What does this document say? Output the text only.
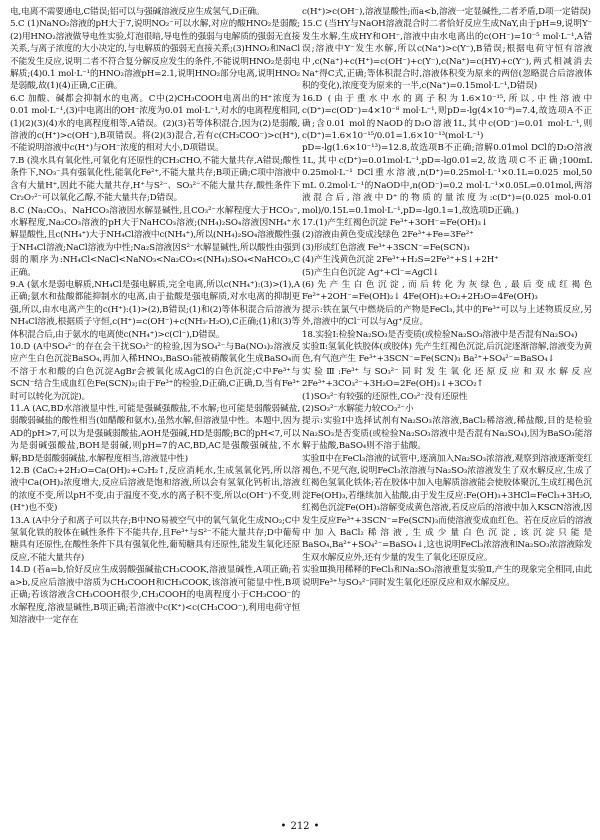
电,电离不需要通电,C错误;铝可以与强碱溶液反应生成氢气,D正确。

5.C (1)NaNO₂溶液的pH大于7,说明NO₂⁻可以水解,对应的酸HNO₂是弱酸;(2)用HNO₂溶液做导电性实验,灯泡很暗,导电性的强弱与电解质的强弱无直接关系,与离子浓度的大小决定的,与电解质的强弱无直接关系;(3)HNO₂和NaCl不能发生反应,说明二者不符合复分解反应发生的条件,不能说明HNO₂是弱电解质;(4)0.1 mol·L⁻¹的HNO₂溶液pH=2.1,说明HNO₂部分电离,说明HNO₂是弱酸,故(1)(4)正确,C正确。

6.C 加酸、碱都会抑制水的电离。C中(2)CH₃COOH电离出的H⁺浓度为0.01 mol·L⁻¹,(3)中电离出的OH⁻浓度为0.01 mol·L⁻¹,对水的电离程度相同,(1)(2)(3)(4)水的电离程度相等,A错误。(2)(3)若等体积混合,因为(2)是弱酸,溶液的c(H⁺)>c(OH⁻),B项错误。将(2)(3)混合,若有c(CH₃COO⁻)>c(H⁺),不能说明溶液中c(H⁺)与OH⁻浓度的相对大小,D项错误。

7.B (溴水具有氧化性,可氧化有还原性的CH₃CHO,不能大量共存,A错误;酸性条件下,NO₃⁻具有强氧化性,能氧化Fe²⁺,不能大量共存;B项正确;C项中溶液中含有大量H⁺,因此不能大量共存,H⁺与S²⁻、SO₃²⁻不能大量共存,酸性条件下Cr₂O₇²⁻可以氧化乙醇,不能大量共存;D错误。

8.C (Na₂CO₃、NaHCO₃溶液因水解显碱性,且CO₃²⁻水解程度大于HCO₃⁻,水解程度,Na₂CO₃溶液的pH大于NaHCO₃溶液;(NH₄)₂SO₄溶液因NH₄⁺水解显酸性,且c(NH₄⁺)大于NH₄Cl溶液中c(NH₄⁺),所以(NH₄)₂SO₄溶液酸性强于NH₄Cl溶液;NaCl溶液为中性;Na₂S溶液因S²⁻水解显碱性,所以酸性由强到弱的顺序为:NH₄Cl<NaCl<NaNO₃<Na₂CO₃<(NH₄)₂SO₄<NaHCO₃,C正确。

9.A (氨水是弱电解质,NH₄Cl是强电解质,完全电离,所以c(NH₄⁺):(3)>(1),A正确;氨水和盐酸都能抑制水的电离,由于盐酸是强电解质,对水电离的抑制更强,所以,由水电离产生的c(H⁺):(1)>(2),B错误;(1)和(2)等体积混合后溶液为NH₄Cl溶液,根据质子守恒,c(H⁺)=c(OH⁻)+c(NH₃·H₂O),C正确;(1)和(3)等体积混合后,由于氨水的电离使c(NH₄⁺)>c(Cl⁻),D错误。

10.D (A中SO₄²⁻的存在会干扰SO₃²⁻的检验,因为SO₄²⁻与Ba(NO₃)₂溶液反应产生白色沉淀BaSO₄,再加入稀HNO₃,BaSO₃能被硝酸氧化生成BaSO₄而不溶于水和酸的白色沉淀AgBr会被氧化成AgCl的白色沉淀;C中Fe³⁺与SCN⁻结合生成血红色Fe(SCN)₃;由于Fe³⁺的检验,D正确,C正确,D,当有Fe³⁺时可以转化为沉淀)。

11.A (AC,BD水溶液显中性,可能是强碱强酸盐,不水解;也可能是弱酸弱碱盐,弱酸弱碱盐的酸性相当(如醋酸和氨水),虽然水解,但溶液显中性。本题中,因为AD的pH>7,可以为是强碱弱酸盐,AOH是强碱,HD是弱酸;BC的pH<7,可以为是弱碱强酸盐,BOH是弱碱,则pH=7的AC,BD,AC是强酸强碱盐,不水解;BD是弱酸弱碱盐,水解程度相当,溶液显中性)

12.B (CaC₂+2H₂O=Ca(OH)₂+C₂H₂↑,反应消耗水,生成氢氧化钙,所以溶液中Ca(OH)₂浓度增大,反应后溶液是饱和溶液,所以会有氢氧化钙析出,溶液的浓度不变,所以pH不变,由于温度不变,水的离子积不变,所以c(OH⁻)不变,则(H⁺)也不变)

13.A (A中分子和离子可以共存;B中NO易被空气中的氧气氧化生成NO₂;C中氢氧化铁的胶体在碱性条件下不能共存,且Fe³⁺与S²⁻不能大量共存;D中葡萄糖具有还原性,在酸性条件下具有强氧化性,葡萄糖具有还原性,能发生氧化还原反应,不能大量共存)

14.D (若a=b,恰好反应生成弱酸强碱盐CH₃COOK,溶液显碱性,A项正确;若a>b,反应后溶液中溶质为CH₃COOH和CH₃COOK,该溶液可能显中性,B项正确;若该溶液含CH₃COOH很少,CH₃COOH的电离程度小于CH₃COO⁻的水解程度,溶液显碱性,B项正确;若溶液中c(K⁺)<c(CH₃COO⁻),利用电荷守恒知溶液中一定存在

c(H⁺)>c(OH⁻),溶液显酸性;而a<b,溶液一定显碱性,二者矛盾,D项一定错误)

15.C (当HY与NaOH溶液混合时二者恰好反应生成NaY,由于pH=9,说明Y⁻发生水解,生成HY和OH⁻,溶液中由水电离出的c(OH⁻)=10⁻⁵ mol·L⁻¹,A错误;溶液中Y⁻发生水解,所以c(Na⁺)>c(Y⁻),B错误;根据电荷守恒有溶液中,c(Na⁺)+c(H⁺)=c(OH⁻)+c(Y⁻),c(Na⁺)=c(HY)+c(Y⁻),两式相减消去Na⁺得C式,正确;等体积混合时,溶液体积变为原来的两倍(忽略混合后溶液体积的变化),浓度变为原来的一半,c(Na⁺)=0.15mol·L⁻¹,D错误)

16.D (由于重水中水的离子积为1.6×10⁻¹⁵,所以,中性溶液中c(D⁺)=c(OD⁻)=4×10⁻⁸ mol·L⁻¹,则pD=-lg(4×10⁻⁸)=7.4,故选项A不正确;含0.01 mol的NaOD的D₂O溶液1L,其中c(OD⁻)=0.01 mol·L⁻¹,则c(D⁺)=1.6×10⁻¹⁵/0.01=1.6×10⁻¹³(mol·L⁻¹)

pD=-lg(1.6×10⁻¹³)=12.8,故选项B不正确;溶解0.01mol DCl的D₂O溶液1L,其中c(D⁺)=0.01mol·L⁻¹,pD=-lg0.01=2,故选项C不正确;100mL 0.25mol·L⁻¹ DCl重水溶液,n(D⁺)=0.25mol·L⁻¹×0.1L=0.025 mol,50 mL 0.2mol·L⁻¹的NaOD中,n(OD⁻)=0.2 mol·L⁻¹×0.05L=0.01mol,两溶液混合后,溶液中D⁺的物质的量浓度为:c(D⁺)=(0.025 mol-0.01 mol)/0.15L=0.1mol·L⁻¹,pD=-lg0.1=1,故选项D正确。)

17.(1)产生红褐色沉淀 Fe³⁺+3OH⁻=Fe(OH)₃↓

(2)溶液由黄色变成浅绿色 2Fe³⁺+Fe=3Fe²⁺

(3)形成红色溶液 Fe³⁺+3SCN⁻=Fe(SCN)₃

(4)产生浅黄色沉淀 2Fe³⁺+H₂S=2Fe²⁺+S↓+2H⁺

(5)产生白色沉淀 Ag⁺+Cl⁻=AgCl↓

(6)先产生白色沉淀,而后转化为灰绿色,最后变成红褐色 Fe²⁺+2OH⁻=Fe(OH)₂↓ 4Fe(OH)₂+O₂+2H₂O=4Fe(OH)₃

提示:铁在氯气中燃烧后的产物是FeCl₃,其中的Fe³⁺可以与上述物质反应,另外,溶液中的Cl⁻可以与Ag⁺反应。

18.实验Ⅰ:检验Na₂SO₃是否变质(或检验Na₂SO₃溶液中是否混有Na₂SO₄)

实验Ⅱ:氢氧化铁胶体(或胶体) 先产生红褐色沉淀,后沉淀逐渐溶解,溶液变为黄色,有气泡产生 Fe³⁺+3SCN⁻=Fe(SCN)₃ Ba²⁺+SO₄²⁻=BaSO₄↓

实验Ⅲ:Fe³⁺与SO₃²⁻同时发生氧化还原反应和双水解反应 2Fe³⁺+3CO₃²⁻+3H₂O=2Fe(OH)₃↓+3CO₂↑

(1)SO₃²⁻有较强的还原性,CO₃²⁻没有还原性

(2)SO₃²⁻水解能力较CO₃²⁻小

提示:实验Ⅰ中选择试剂有Na₂SO₃浓溶液,BaCl₂稀溶液,稀盐酸,目的是检验Na₂SO₃是否变质(或检验Na₂SO₃溶液中是否混有Na₂SO₄),因为BaSO₃能溶解于盐酸,BaSO₄则不溶于盐酸。

实验Ⅱ中在FeCl₃溶液的试管中,逐滴加入Na₂SO₃浓溶液,观察到溶液逐渐变红褐色,不见气泡,说明FeCl₃浓溶液与Na₂SO₃浓溶液发生了双水解反应,生成了红褐色氢氧化铁体;若在胶体中加入电解质溶液能会使胶体聚沉,生成红褐色沉淀Fe(OH)₃,若继续加入盐酸,由于发生反应:Fe(OH)₃+3HCl=FeCl₃+3H₂O,红褐色沉淀Fe(OH)₃溶解变成黄色溶液,若反应后的溶液中加入KSCN溶液,因发生反应Fe³⁺+3SCN⁻=Fe(SCN)₃而使溶液变成血红色。若在反应后的溶液中加入BaCl₂稀溶液,生成少量白色沉淀,该沉淀只能是BaSO₄,Ba²⁺+SO₄²⁻=BaSO₄↓,这也说明FeCl₃浓溶液和Na₂SO₃浓溶液除发生双水解反应外,还有少量的发生了氧化还原反应。

实验Ⅲ换用稀释的FeCl₃和Na₂SO₃溶液重复实验Ⅱ,产生的现象完全相同,由此说明Fe³⁺与SO₃²⁻同时发生氧化还原反应和双水解反应。

• 212 •
